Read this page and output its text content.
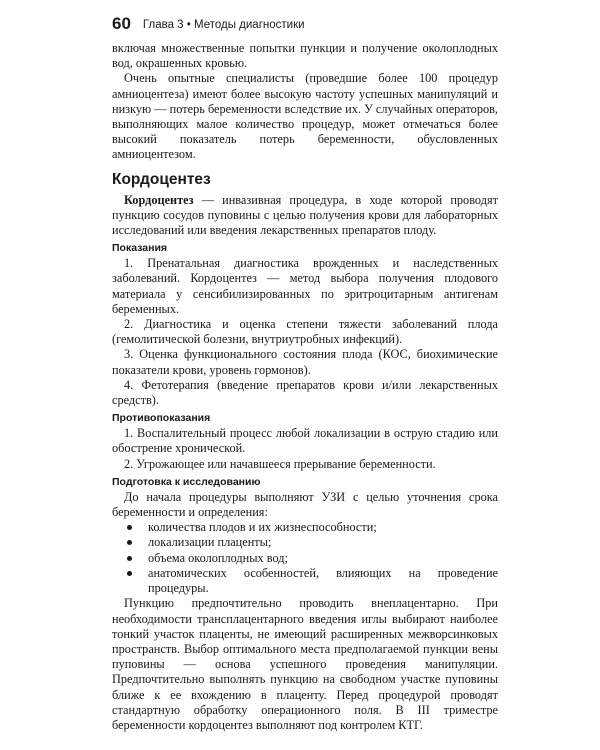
60 Глава 3 • Методы диагностики

включая множественные попытки пункции и получение околоплодных вод, окрашенных кровью.

Очень опытные специалисты (проведшие более 100 процедур амниоцентеза) имеют более высокую частоту успешных манипуляций и низкую — потерь беременности вследствие их. У случайных операторов, выполняющих малое количество процедур, может отмечаться более высокий показатель потерь беременности, обусловленных амниоцентезом.

Кордоцентез

Кордоцентез — инвазивная процедура, в ходе которой проводят пункцию сосудов пуповины с целью получения крови для лабораторных исследований или введения лекарственных препаратов плоду.

Показания

1. Пренатальная диагностика врожденных и наследственных заболеваний. Кордоцентез — метод выбора получения плодового материала у сенсибилизированных по эритроцитарным антигенам беременных.

2. Диагностика и оценка степени тяжести заболеваний плода (гемолитической болезни, внутриутробных инфекций).

3. Оценка функционального состояния плода (КОС, биохимические показатели крови, уровень гормонов).

4. Фетотерапия (введение препаратов крови и/или лекарственных средств).

Противопоказания

1. Воспалительный процесс любой локализации в острую стадию или обострение хронической.

2. Угрожающее или начавшееся прерывание беременности.

Подготовка к исследованию

До начала процедуры выполняют УЗИ с целью уточнения срока беременности и определения:

количества плодов и их жизнеспособности;
локализации плаценты;
объема околоплодных вод;
анатомических особенностей, влияющих на проведение процедуры.

Пункцию предпочтительно проводить внеплацентарно. При необходимости трансплацентарного введения иглы выбирают наиболее тонкий участок плаценты, не имеющий расширенных межворсинковых пространств. Выбор оптимального места предполагаемой пункции вены пуповины — основа успешного проведения манипуляции. Предпочтительно выполнять пункцию на свободном участке пуповины ближе к ее вхождению в плаценту. Перед процедурой проводят стандартную обработку операционного поля. В III триместре беременности кордоцентез выполняют под контролем КТГ.
